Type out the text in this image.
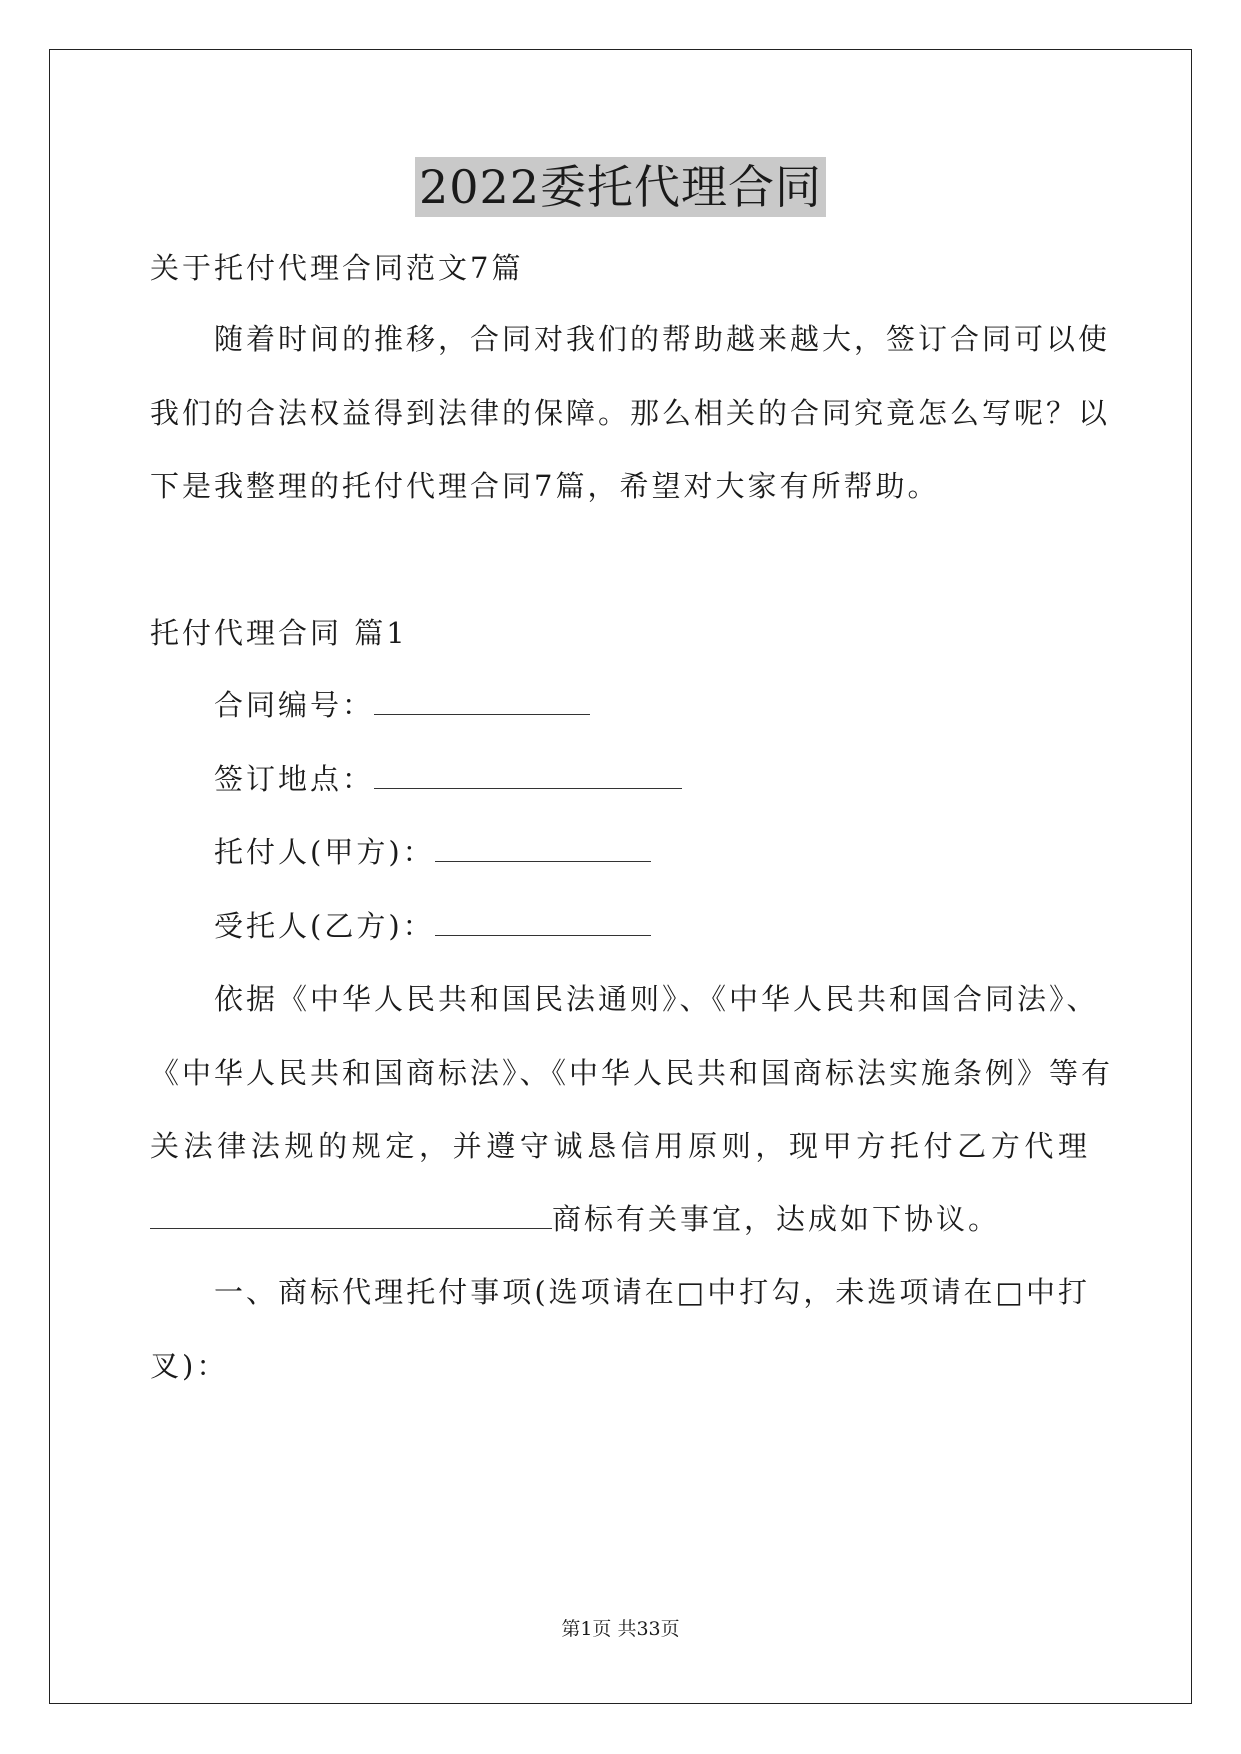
2022委托代理合同
关于托付代理合同范文7篇
随着时间的推移，合同对我们的帮助越来越大，签订合同可以使
我们的合法权益得到法律的保障。那么相关的合同究竟怎么写呢？以
下是我整理的托付代理合同7篇，希望对大家有所帮助。
托付代理合同 篇1
合同编号：
签订地点：
托付人(甲方)：
受托人(乙方)：
依据《中华人民共和国民法通则》、《中华人民共和国合同法》、
《中华人民共和国商标法》、《中华人民共和国商标法实施条例》等有
关法律法规的规定，并遵守诚恳信用原则，现甲方托付乙方代理
商标有关事宜，达成如下协议。
一、商标代理托付事项(选项请在□中打勾，未选项请在□中打
叉)：
第1页 共33页
